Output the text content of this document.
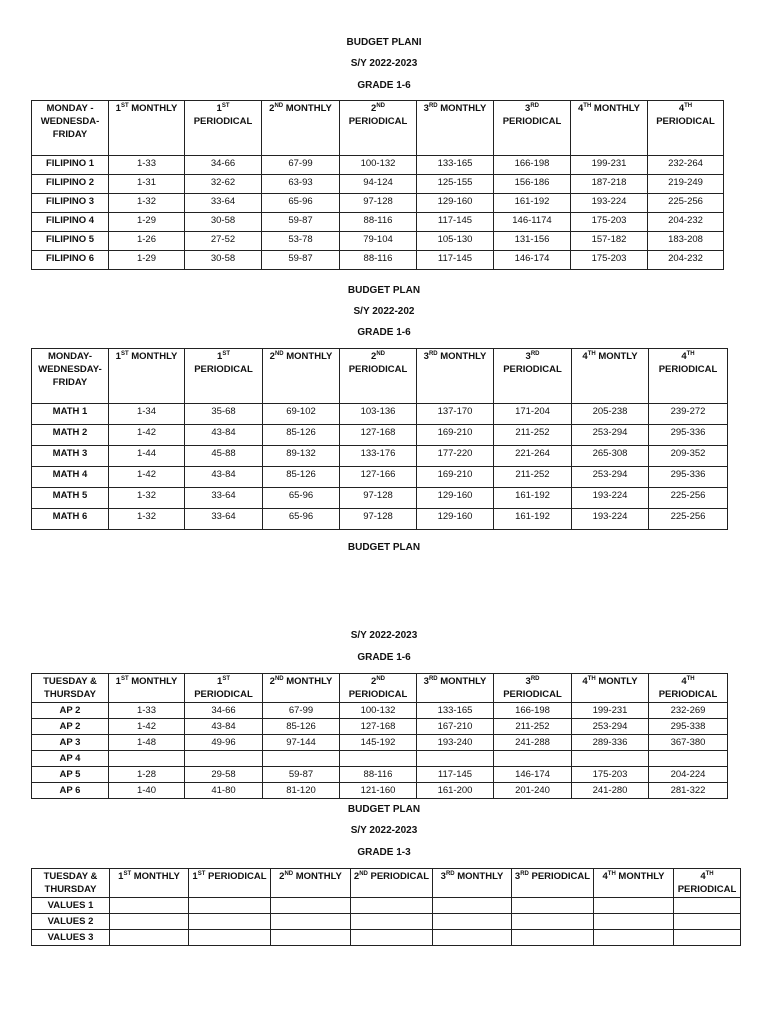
BUDGET PLANI
S/Y 2022-2023
GRADE 1-6
MONDAY - WEDNESDA-FRIDAY	1ST MONTHLY	1ST PERIODICAL	2ND MONTHLY	2ND PERIODICAL	3RD MONTHLY	3RD PERIODICAL	4TH MONTHLY	4TH PERIODICAL
FILIPINO 1	1-33	34-66	67-99	100-132	133-165	166-198	199-231	232-264
FILIPINO 2	1-31	32-62	63-93	94-124	125-155	156-186	187-218	219-249
FILIPINO 3	1-32	33-64	65-96	97-128	129-160	161-192	193-224	225-256
FILIPINO 4	1-29	30-58	59-87	88-116	117-145	146-1174	175-203	204-232
FILIPINO 5	1-26	27-52	53-78	79-104	105-130	131-156	157-182	183-208
FILIPINO 6	1-29	30-58	59-87	88-116	117-145	146-174	175-203	204-232
BUDGET PLAN
S/Y 2022-202
GRADE 1-6
MONDAY-WEDNESDAY-FRIDAY	1ST MONTHLY	1ST PERIODICAL	2ND MONTHLY	2ND PERIODICAL	3RD MONTHLY	3RD PERIODICAL	4TH MONTLY	4TH PERIODICAL
MATH 1	1-34	35-68	69-102	103-136	137-170	171-204	205-238	239-272
MATH 2	1-42	43-84	85-126	127-168	169-210	211-252	253-294	295-336
MATH 3	1-44	45-88	89-132	133-176	177-220	221-264	265-308	209-352
MATH 4	1-42	43-84	85-126	127-166	169-210	211-252	253-294	295-336
MATH 5	1-32	33-64	65-96	97-128	129-160	161-192	193-224	225-256
MATH 6	1-32	33-64	65-96	97-128	129-160	161-192	193-224	225-256
BUDGET PLAN
S/Y 2022-2023
GRADE 1-6
TUESDAY & THURSDAY	1ST MONTHLY	1ST PERIODICAL	2ND MONTHLY	2ND PERIODICAL	3RD MONTHLY	3RD PERIODICAL	4TH MONTLY	4TH PERIODICAL
AP 2	1-33	34-66	67-99	100-132	133-165	166-198	199-231	232-269
AP 2	1-42	43-84	85-126	127-168	167-210	211-252	253-294	295-338
AP 3	1-48	49-96	97-144	145-192	193-240	241-288	289-336	367-380
AP 4								
AP 5	1-28	29-58	59-87	88-116	117-145	146-174	175-203	204-224
AP 6	1-40	41-80	81-120	121-160	161-200	201-240	241-280	281-322
BUDGET PLAN
S/Y 2022-2023
GRADE 1-3
TUESDAY & THURSDAY	1ST MONTHLY	1ST PERIODICAL	2ND MONTHLY	2ND PERIODICAL	3RD MONTHLY	3RD PERIODICAL	4TH MONTHLY	4TH PERIODICAL
VALUES 1								
VALUES 2								
VALUES 3								
